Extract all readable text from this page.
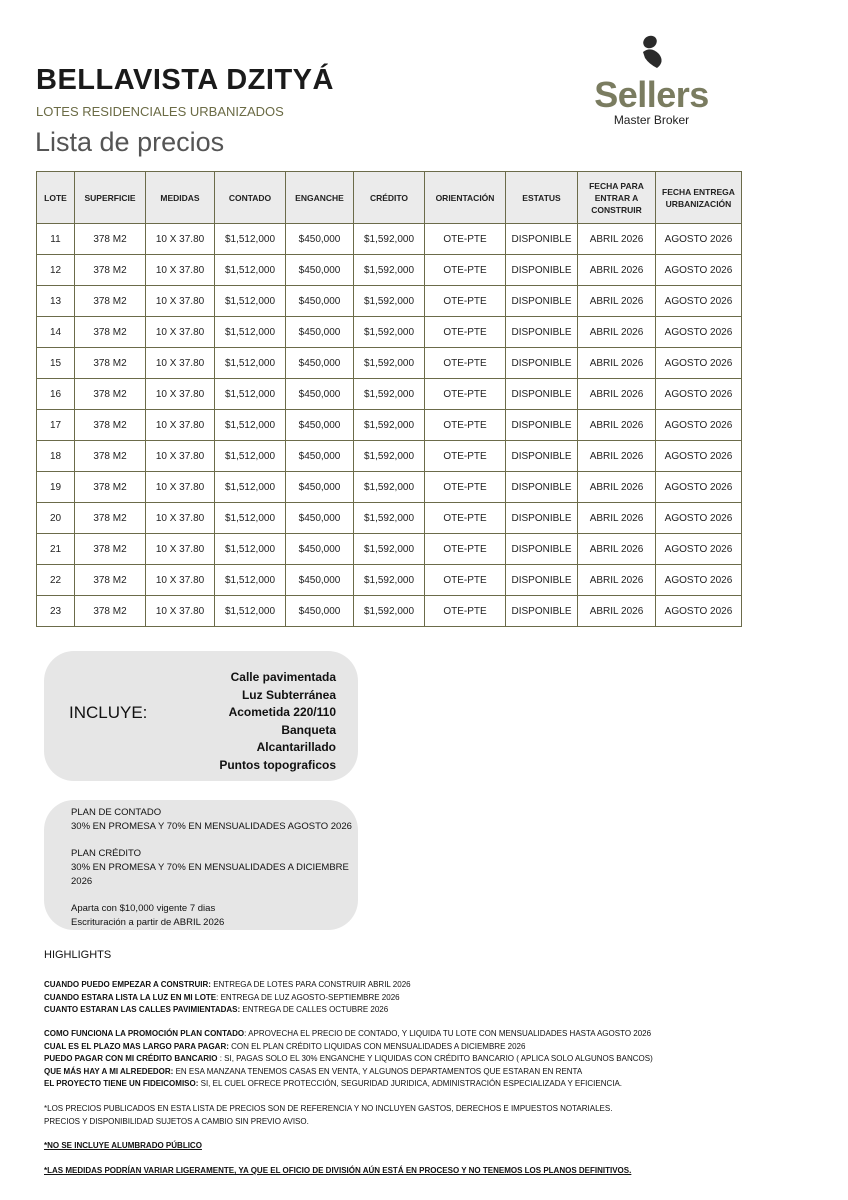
BELLAVISTA DZITYÁ
LOTES RESIDENCIALES URBANIZADOS
Lista de precios
Sellers
Master Broker
LOTE	SUPERFICIE	MEDIDAS	CONTADO	ENGANCHE	CRÉDITO	ORIENTACIÓN	ESTATUS	FECHA PARA ENTRAR A CONSTRUIR	FECHA ENTREGA URBANIZACIÓN
11	378 M2	10 X 37.80	$1,512,000	$450,000	$1,592,000	OTE-PTE	DISPONIBLE	ABRIL 2026	AGOSTO 2026
12	378 M2	10 X 37.80	$1,512,000	$450,000	$1,592,000	OTE-PTE	DISPONIBLE	ABRIL 2026	AGOSTO 2026
13	378 M2	10 X 37.80	$1,512,000	$450,000	$1,592,000	OTE-PTE	DISPONIBLE	ABRIL 2026	AGOSTO 2026
14	378 M2	10 X 37.80	$1,512,000	$450,000	$1,592,000	OTE-PTE	DISPONIBLE	ABRIL 2026	AGOSTO 2026
15	378 M2	10 X 37.80	$1,512,000	$450,000	$1,592,000	OTE-PTE	DISPONIBLE	ABRIL 2026	AGOSTO 2026
16	378 M2	10 X 37.80	$1,512,000	$450,000	$1,592,000	OTE-PTE	DISPONIBLE	ABRIL 2026	AGOSTO 2026
17	378 M2	10 X 37.80	$1,512,000	$450,000	$1,592,000	OTE-PTE	DISPONIBLE	ABRIL 2026	AGOSTO 2026
18	378 M2	10 X 37.80	$1,512,000	$450,000	$1,592,000	OTE-PTE	DISPONIBLE	ABRIL 2026	AGOSTO 2026
19	378 M2	10 X 37.80	$1,512,000	$450,000	$1,592,000	OTE-PTE	DISPONIBLE	ABRIL 2026	AGOSTO 2026
20	378 M2	10 X 37.80	$1,512,000	$450,000	$1,592,000	OTE-PTE	DISPONIBLE	ABRIL 2026	AGOSTO 2026
21	378 M2	10 X 37.80	$1,512,000	$450,000	$1,592,000	OTE-PTE	DISPONIBLE	ABRIL 2026	AGOSTO 2026
22	378 M2	10 X 37.80	$1,512,000	$450,000	$1,592,000	OTE-PTE	DISPONIBLE	ABRIL 2026	AGOSTO 2026
23	378 M2	10 X 37.80	$1,512,000	$450,000	$1,592,000	OTE-PTE	DISPONIBLE	ABRIL 2026	AGOSTO 2026
INCLUYE:
Calle pavimentada
Luz Subterránea
Acometida 220/110
Banqueta
Alcantarillado
Puntos topograficos

PLAN DE CONTADO
30% EN PROMESA Y 70% EN MENSUALIDADES AGOSTO 2026

PLAN CRÉDITO
30% EN PROMESA Y 70% EN MENSUALIDADES A DICIEMBRE 2026

Aparta con $10,000 vigente 7 dias
Escrituración a partir de ABRIL 2026

HIGHLIGHTS
CUANDO PUEDO EMPEZAR A CONSTRUIR: ENTREGA DE LOTES PARA CONSTRUIR ABRIL 2026
CUANDO ESTARA LISTA LA LUZ EN MI LOTE: ENTREGA DE LUZ AGOSTO-SEPTIEMBRE 2026
CUANTO ESTARAN LAS CALLES PAVIMIENTADAS: ENTREGA DE CALLES OCTUBRE 2026
COMO FUNCIONA LA PROMOCIÓN PLAN CONTADO: APROVECHA EL PRECIO DE CONTADO, Y LIQUIDA TU LOTE CON MENSUALIDADES HASTA AGOSTO 2026
CUAL ES EL PLAZO MAS LARGO PARA PAGAR: CON EL PLAN CRÉDITO LIQUIDAS CON MENSUALIDADES A DICIEMBRE 2026
PUEDO PAGAR CON MI CRÉDITO BANCARIO : SI, PAGAS SOLO EL 30% ENGANCHE Y LIQUIDAS CON CRÉDITO BANCARIO ( APLICA SOLO ALGUNOS BANCOS)
QUE MÁS HAY A MI ALREDEDOR: EN ESA MANZANA TENEMOS CASAS EN VENTA, Y ALGUNOS DEPARTAMENTOS QUE ESTARAN EN RENTA
EL PROYECTO TIENE UN FIDEICOMISO: SI, EL CUEL OFRECE PROTECCIÓN, SEGURIDAD JURIDICA, ADMINISTRACIÓN ESPECIALIZADA Y EFICIENCIA.
*LOS PRECIOS PUBLICADOS EN ESTA LISTA DE PRECIOS SON DE REFERENCIA Y NO INCLUYEN GASTOS, DERECHOS E IMPUESTOS NOTARIALES.
PRECIOS Y DISPONIBILIDAD SUJETOS A CAMBIO SIN PREVIO AVISO.
*NO SE INCLUYE ALUMBRADO PÚBLICO
*LAS MEDIDAS PODRÍAN VARIAR LIGERAMENTE, YA QUE EL OFICIO DE DIVISIÓN AÚN ESTÁ EN PROCESO Y NO TENEMOS LOS PLANOS DEFINITIVOS.
